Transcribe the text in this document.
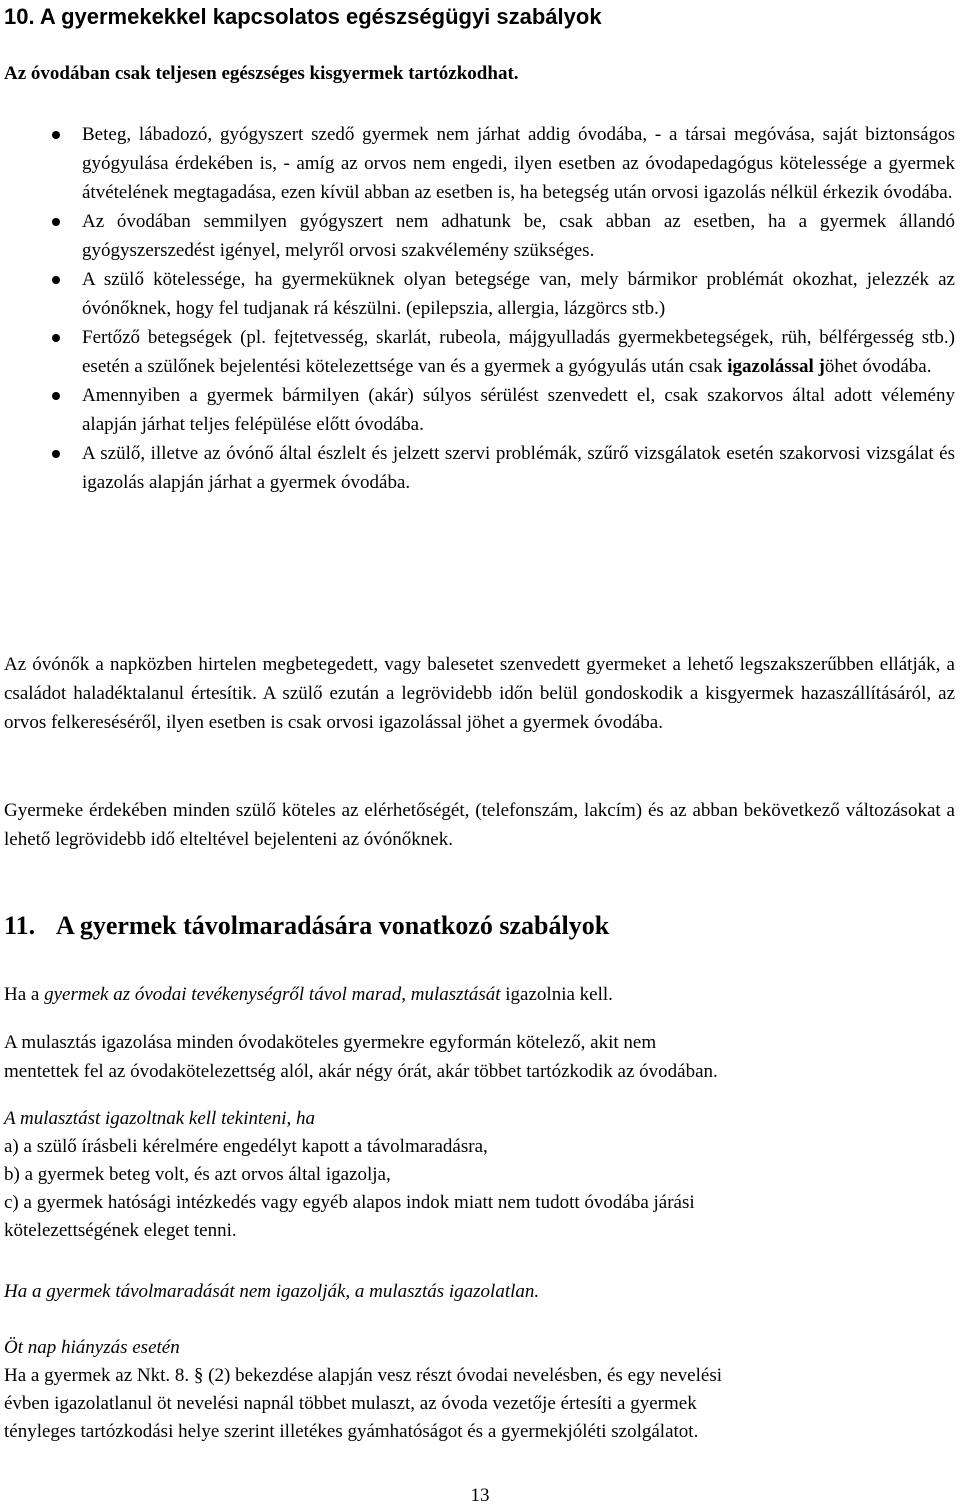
10. A gyermekekkel kapcsolatos egészségügyi szabályok

Az óvodában csak teljesen egészséges kisgyermek tartózkodhat.

Beteg, lábadozó, gyógyszert szedő gyermek nem járhat addig óvodába, - a társai megóvása, saját biztonságos gyógyulása érdekében is, - amíg az orvos nem engedi, ilyen esetben az óvodapedagógus kötelessége a gyermek átvételének megtagadása, ezen kívül abban az esetben is, ha betegség után orvosi igazolás nélkül érkezik óvodába.
Az óvodában semmilyen gyógyszert nem adhatunk be, csak abban az esetben, ha a gyermek állandó gyógyszerszedést igényel, melyről orvosi szakvélemény szükséges.
A szülő kötelessége, ha gyermeküknek olyan betegsége van, mely bármikor problémát okozhat, jelezzék az óvónőknek, hogy fel tudjanak rá készülni. (epilepszia, allergia, lázgörcs stb.)
Fertőző betegségek (pl. fejtetvesség, skarlát, rubeola, májgyulladás gyermekbetegségek, rüh, bélférgesség stb.) esetén a szülőnek bejelentési kötelezettsége van és a gyermek a gyógyulás után csak igazolással jöhet óvodába.
Amennyiben a gyermek bármilyen (akár) súlyos sérülést szenvedett el, csak szakorvos által adott vélemény alapján járhat teljes felépülése előtt óvodába.
A szülő, illetve az óvónő által észlelt és jelzett szervi problémák, szűrő vizsgálatok esetén szakorvosi vizsgálat és igazolás alapján járhat a gyermek óvodába.

Az óvónők a napközben hirtelen megbetegedett, vagy balesetet szenvedett gyermeket a lehető legszakszerűbben ellátják, a családot haladéktalanul értesítik. A szülő ezután a legrövidebb időn belül gondoskodik a kisgyermek hazaszállításáról, az orvos felkereséséről, ilyen esetben is csak orvosi igazolással jöhet a gyermek óvodába.

Gyermeke érdekében minden szülő köteles az elérhetőségét, (telefonszám, lakcím) és az abban bekövetkező változásokat a lehető legrövidebb idő elteltével bejelenteni az óvónőknek.

11. A gyermek távolmaradására vonatkozó szabályok

Ha a gyermek az óvodai tevékenységről távol marad, mulasztását igazolnia kell.

A mulasztás igazolása minden óvodaköteles gyermekre egyformán kötelező, akit nem
mentettek fel az óvodakötelezettség alól, akár négy órát, akár többet tartózkodik az óvodában.

A mulasztást igazoltnak kell tekinteni, ha
a) a szülő írásbeli kérelmére engedélyt kapott a távolmaradásra,
b) a gyermek beteg volt, és azt orvos által igazolja,
c) a gyermek hatósági intézkedés vagy egyéb alapos indok miatt nem tudott óvodába járási
kötelezettségének eleget tenni.

Ha a gyermek távolmaradását nem igazolják, a mulasztás igazolatlan.

Öt nap hiányzás esetén
Ha a gyermek az Nkt. 8. § (2) bekezdése alapján vesz részt óvodai nevelésben, és egy nevelési
évben igazolatlanul öt nevelési napnál többet mulaszt, az óvoda vezetője értesíti a gyermek
tényleges tartózkodási helye szerint illetékes gyámhatóságot és a gyermekjóléti szolgálatot.

13
